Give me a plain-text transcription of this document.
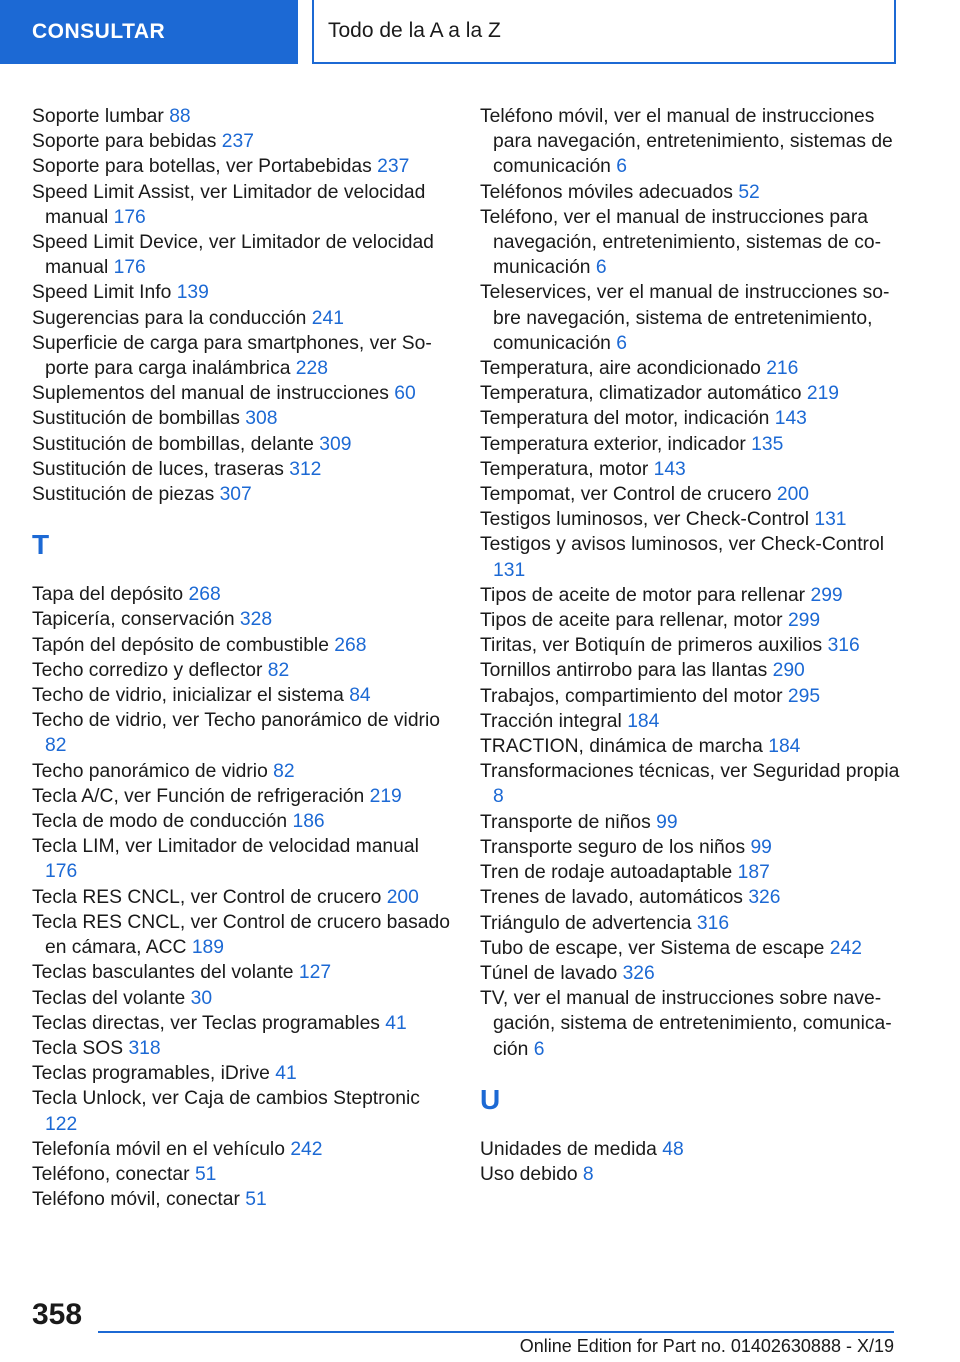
CONSULTAR	Todo de la A a la Z

Soporte lumbar 88

Soporte para bebidas 237

Soporte para botellas, ver Portabebidas 237

Speed Limit Assist, ver Limitador de velocidad manual 176

Speed Limit Device, ver Limitador de velocidad manual 176

Speed Limit Info 139

Sugerencias para la conducción 241

Superficie de carga para smartphones, ver Soporte para carga inalámbrica 228

Suplementos del manual de instrucciones 60

Sustitución de bombillas 308

Sustitución de bombillas, delante 309

Sustitución de luces, traseras 312

Sustitución de piezas 307

T

Tapa del depósito 268

Tapicería, conservación 328

Tapón del depósito de combustible 268

Techo corredizo y deflector 82

Techo de vidrio, inicializar el sistema 84

Techo de vidrio, ver Techo panorámico de vidrio 82

Techo panorámico de vidrio 82

Tecla A/C, ver Función de refrigeración 219

Tecla de modo de conducción 186

Tecla LIM, ver Limitador de velocidad manual 176

Tecla RES CNCL, ver Control de crucero 200

Tecla RES CNCL, ver Control de crucero basado en cámara, ACC 189

Teclas basculantes del volante 127

Teclas del volante 30

Teclas directas, ver Teclas programables 41

Tecla SOS 318

Teclas programables, iDrive 41

Tecla Unlock, ver Caja de cambios Steptronic 122

Telefonía móvil en el vehículo 242

Teléfono, conectar 51

Teléfono móvil, conectar 51

Teléfono móvil, ver el manual de instrucciones para navegación, entretenimiento, sistemas de comunicación 6

Teléfonos móviles adecuados 52

Teléfono, ver el manual de instrucciones para navegación, entretenimiento, sistemas de comunicación 6

Teleservices, ver el manual de instrucciones sobre navegación, sistema de entretenimiento, comunicación 6

Temperatura, aire acondicionado 216

Temperatura, climatizador automático 219

Temperatura del motor, indicación 143

Temperatura exterior, indicador 135

Temperatura, motor 143

Tempomat, ver Control de crucero 200

Testigos luminosos, ver Check-Control 131

Testigos y avisos luminosos, ver Check-Control 131

Tipos de aceite de motor para rellenar 299

Tipos de aceite para rellenar, motor 299

Tiritas, ver Botiquín de primeros auxilios 316

Tornillos antirrobo para las llantas 290

Trabajos, compartimiento del motor 295

Tracción integral 184

TRACTION, dinámica de marcha 184

Transformaciones técnicas, ver Seguridad propia 8

Transporte de niños 99

Transporte seguro de los niños 99

Tren de rodaje autoadaptable 187

Trenes de lavado, automáticos 326

Triángulo de advertencia 316

Tubo de escape, ver Sistema de escape 242

Túnel de lavado 326

TV, ver el manual de instrucciones sobre navegación, sistema de entretenimiento, comunicación 6

U

Unidades de medida 48

Uso debido 8

358
Online Edition for Part no. 01402630888 - X/19
